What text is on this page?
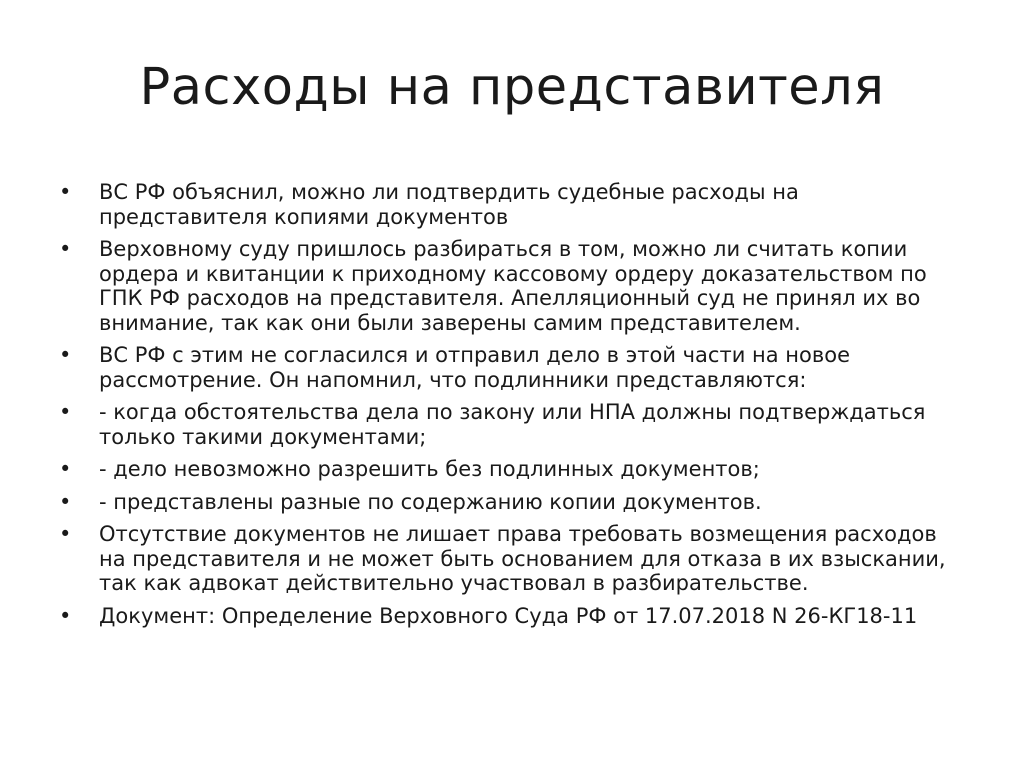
Расходы на представителя
•	ВС РФ объяснил, можно ли подтвердить судебные расходы на представителя копиями документов
•	Верховному суду пришлось разбираться в том, можно ли считать копии ордера и квитанции к приходному кассовому ордеру доказательством по ГПК РФ расходов на представителя. Апелляционный суд не принял их во внимание, так как они были заверены самим представителем.
•	ВС РФ с этим не согласился и отправил дело в этой части на новое рассмотрение. Он напомнил, что подлинники представляются:
•	- когда обстоятельства дела по закону или НПА должны подтверждаться только такими документами;
•	- дело невозможно разрешить без подлинных документов;
•	- представлены разные по содержанию копии документов.
•	Отсутствие документов не лишает права требовать возмещения расходов на представителя и не может быть основанием для отказа в их взыскании, так как адвокат действительно участвовал в разбирательстве.
•	Документ: Определение Верховного Суда РФ от 17.07.2018 N 26-КГ18-11
